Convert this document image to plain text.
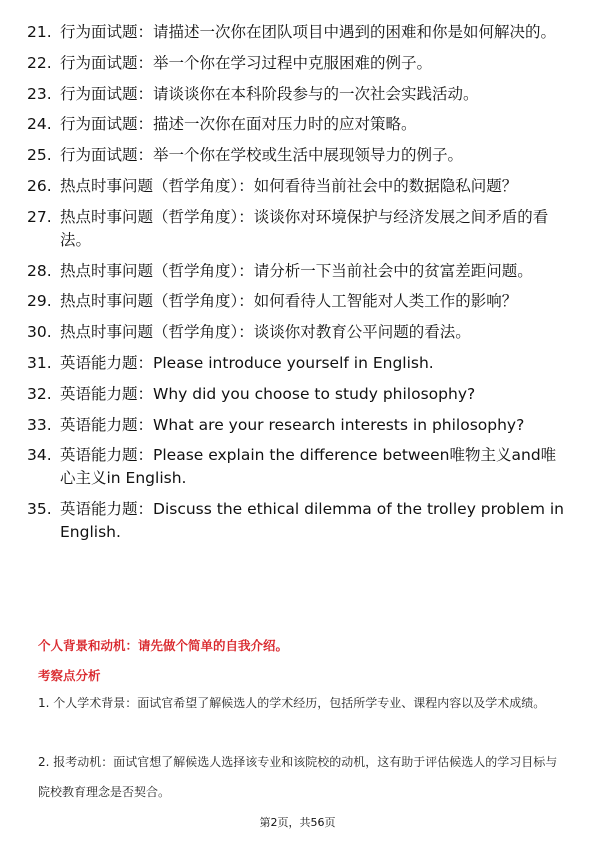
21. 行为面试题：请描述一次你在团队项目中遇到的困难和你是如何解决的。
22. 行为面试题：举一个你在学习过程中克服困难的例子。
23. 行为面试题：请谈谈你在本科阶段参与的一次社会实践活动。
24. 行为面试题：描述一次你在面对压力时的应对策略。
25. 行为面试题：举一个你在学校或生活中展现领导力的例子。
26. 热点时事问题（哲学角度）：如何看待当前社会中的数据隐私问题？
27. 热点时事问题（哲学角度）：谈谈你对环境保护与经济发展之间矛盾的看法。
28. 热点时事问题（哲学角度）：请分析一下当前社会中的贫富差距问题。
29. 热点时事问题（哲学角度）：如何看待人工智能对人类工作的影响？
30. 热点时事问题（哲学角度）：谈谈你对教育公平问题的看法。
31. 英语能力题：Please introduce yourself in English.
32. 英语能力题：Why did you choose to study philosophy?
33. 英语能力题：What are your research interests in philosophy?
34. 英语能力题：Please explain the difference between唯物主义and唯心主义in English.
35. 英语能力题：Discuss the ethical dilemma of the trolley problem in English.
个人背景和动机：请先做个简单的自我介绍。
考察点分析
1. 个人学术背景：面试官希望了解候选人的学术经历，包括所学专业、课程内容以及学术成绩。
2. 报考动机：面试官想了解候选人选择该专业和该院校的动机，这有助于评估候选人的学习目标与院校教育理念是否契合。
第2页，共56页
